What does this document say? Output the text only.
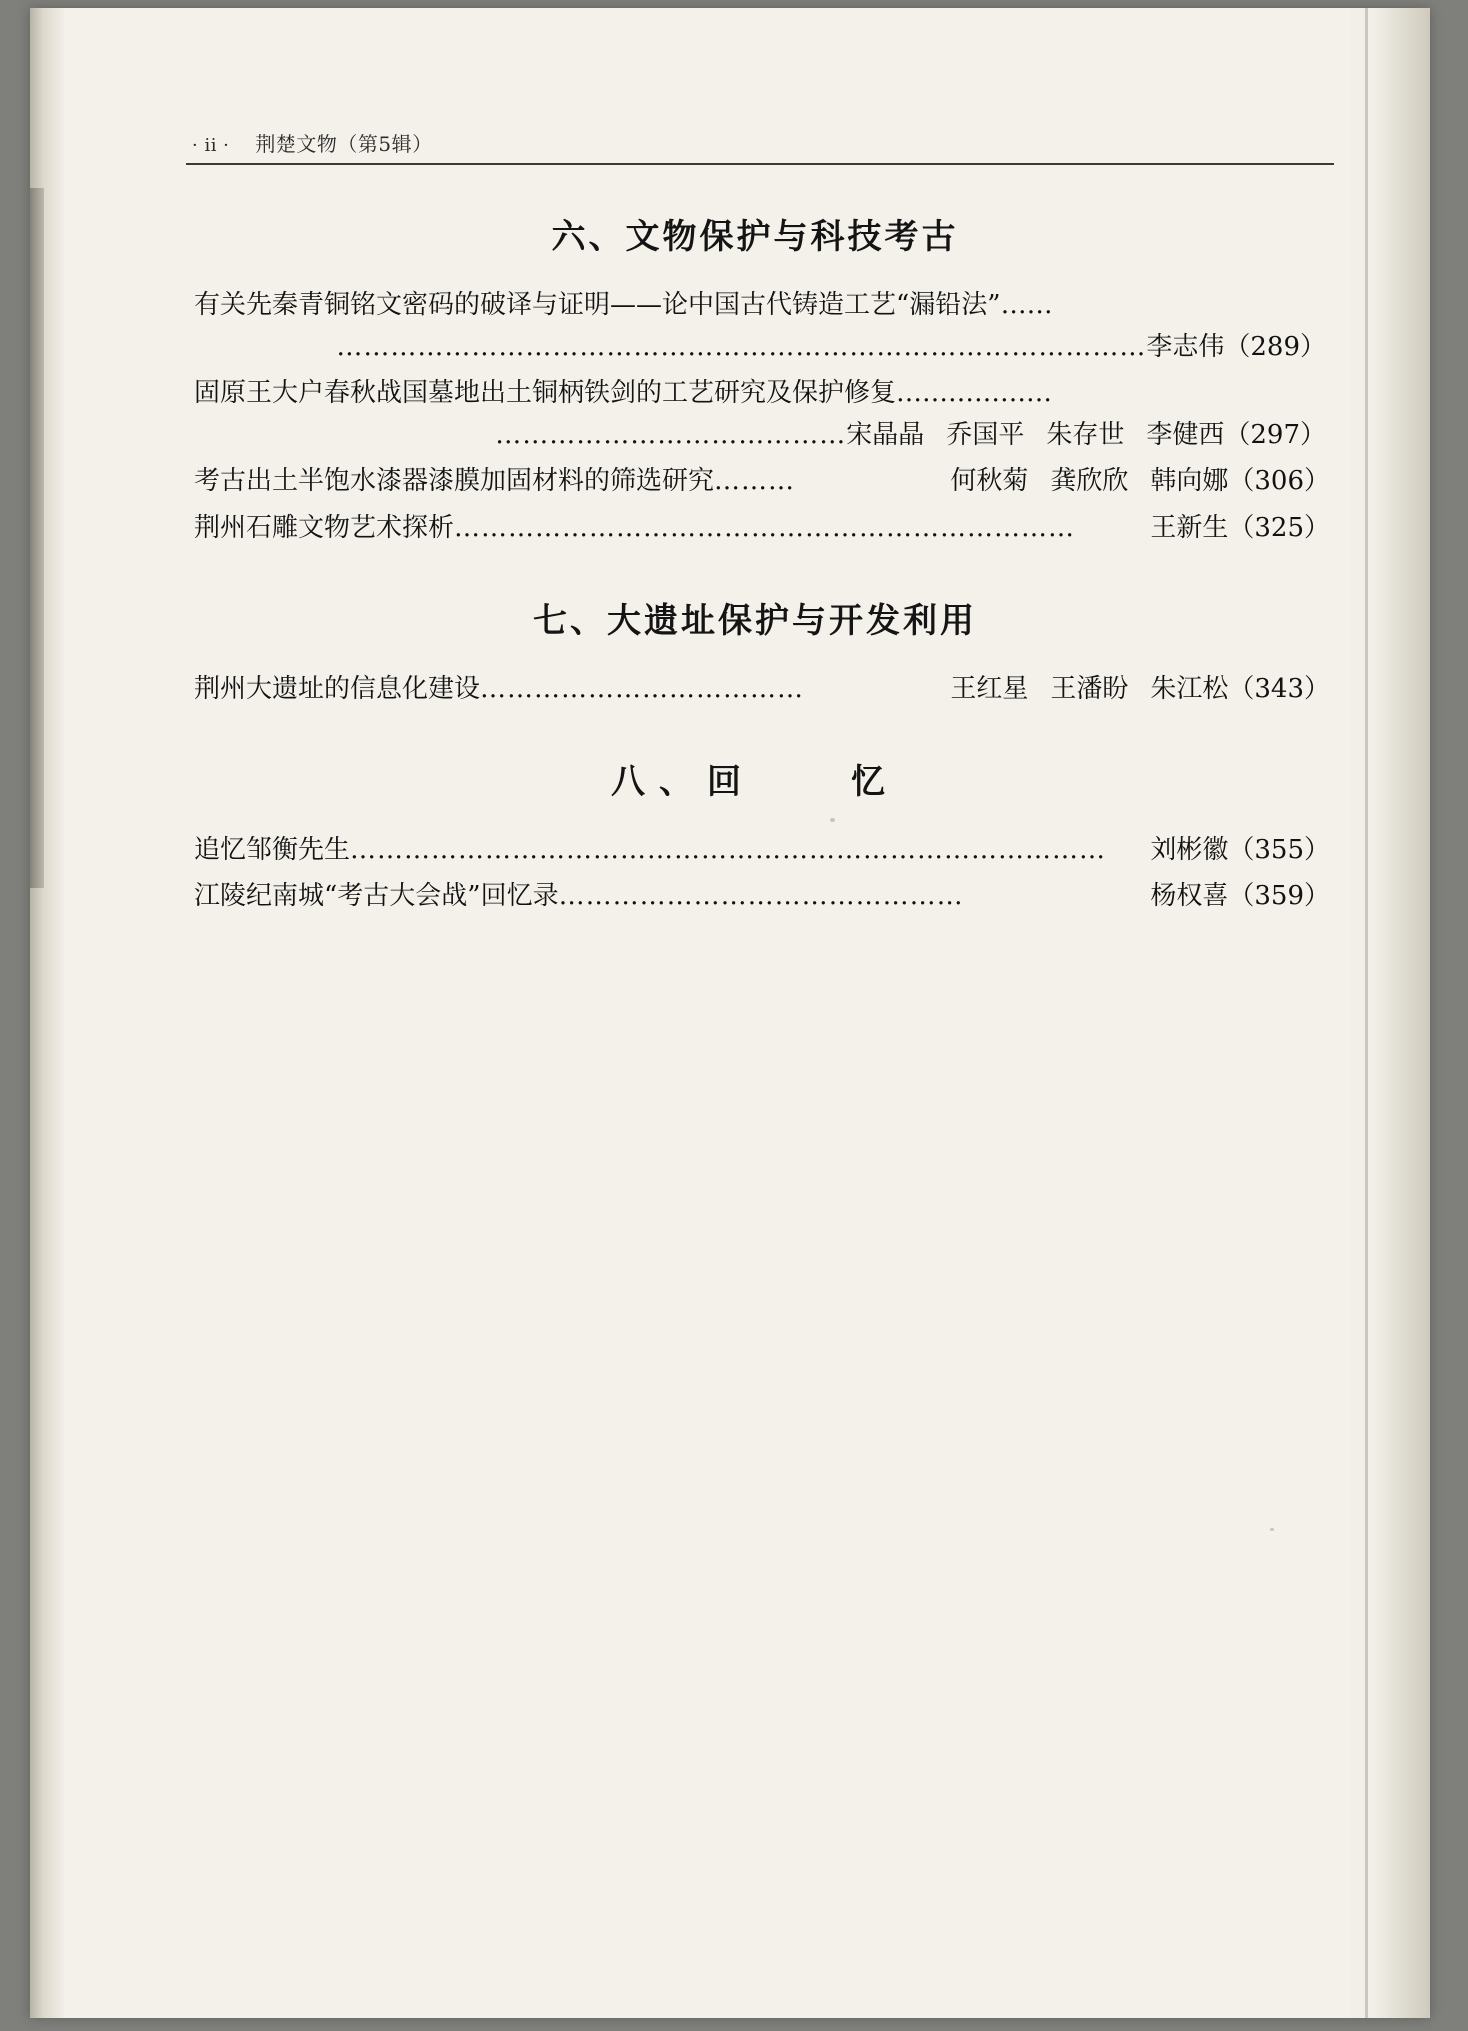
· ii · 荆楚文物（第5辑）
六、文物保护与科技考古
有关先秦青铜铭文密码的破译与证明——论中国古代铸造工艺“漏铅法”……
………………………………………………………………………………李志伟（289）
固原王大户春秋战国墓地出土铜柄铁剑的工艺研究及保护修复………………
…………………………………宋晶晶 乔国平 朱存世 李健西（297）
考古出土半饱水漆器漆膜加固材料的筛选研究 ………	何秋菊 龚欣欣 韩向娜（306）
荆州石雕文物艺术探析 ……………………………………………………………	王新生（325）
七、大遗址保护与开发利用
荆州大遗址的信息化建设 ………………………………	王红星 王潘盼 朱江松（343）
八、回　　忆
追忆邹衡先生 …………………………………………………………………………	刘彬徽（355）
江陵纪南城“考古大会战”回忆录 ………………………………………	杨权喜（359）
